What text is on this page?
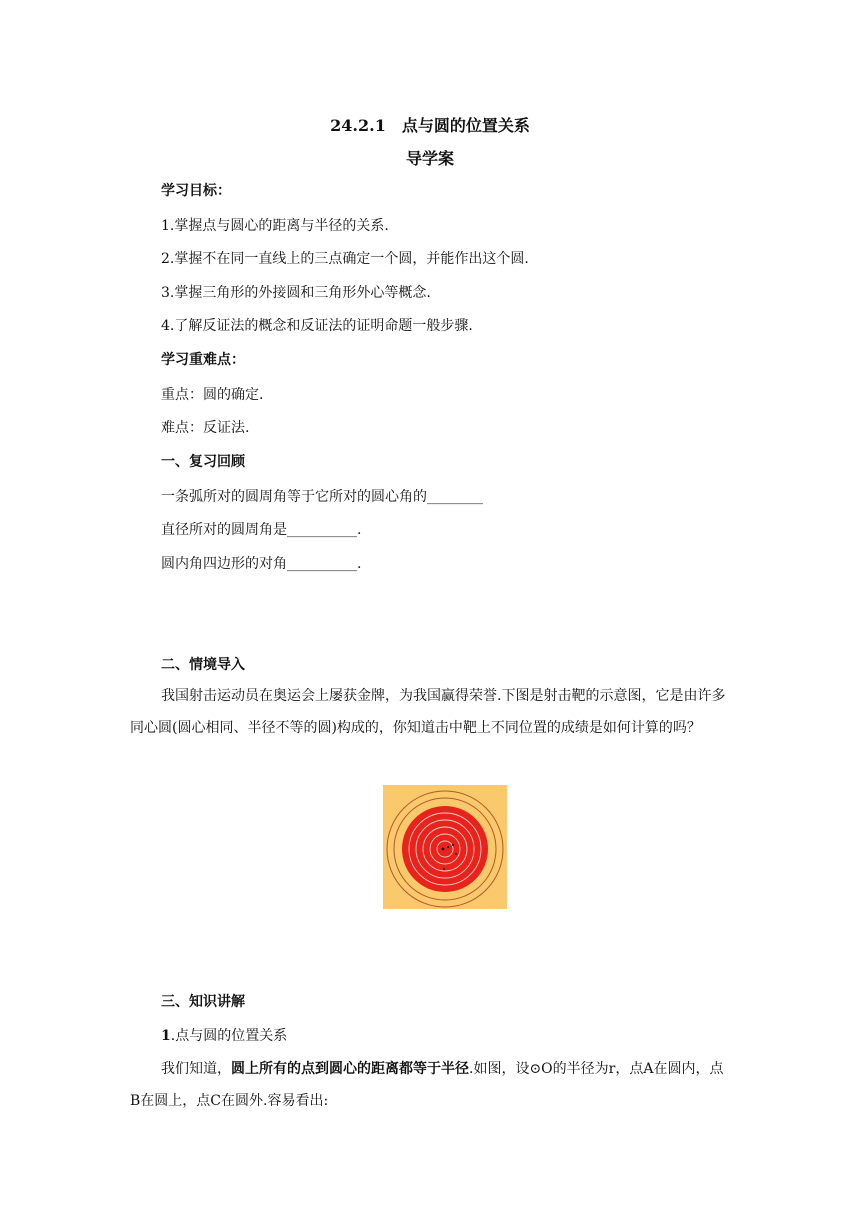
24.2.1　点与圆的位置关系
导学案
学习目标：
1.掌握点与圆心的距离与半径的关系.
2.掌握不在同一直线上的三点确定一个圆，并能作出这个圆.
3.掌握三角形的外接圆和三角形外心等概念.
4.了解反证法的概念和反证法的证明命题一般步骤.
学习重难点：
重点：圆的确定.
难点：反证法.
一、复习回顾
一条弧所对的圆周角等于它所对的圆心角的________
直径所对的圆周角是__________.
圆内角四边形的对角__________.
二、情境导入
我国射击运动员在奥运会上屡获金牌，为我国赢得荣誉.下图是射击靶的示意图，它是由许多同心圆(圆心相同、半径不等的圆)构成的，你知道击中靶上不同位置的成绩是如何计算的吗？
三、知识讲解
1.点与圆的位置关系
我们知道，圆上所有的点到圆心的距离都等于半径.如图，设⊙O的半径为r，点A在圆内，点B在圆上，点C在圆外.容易看出:
